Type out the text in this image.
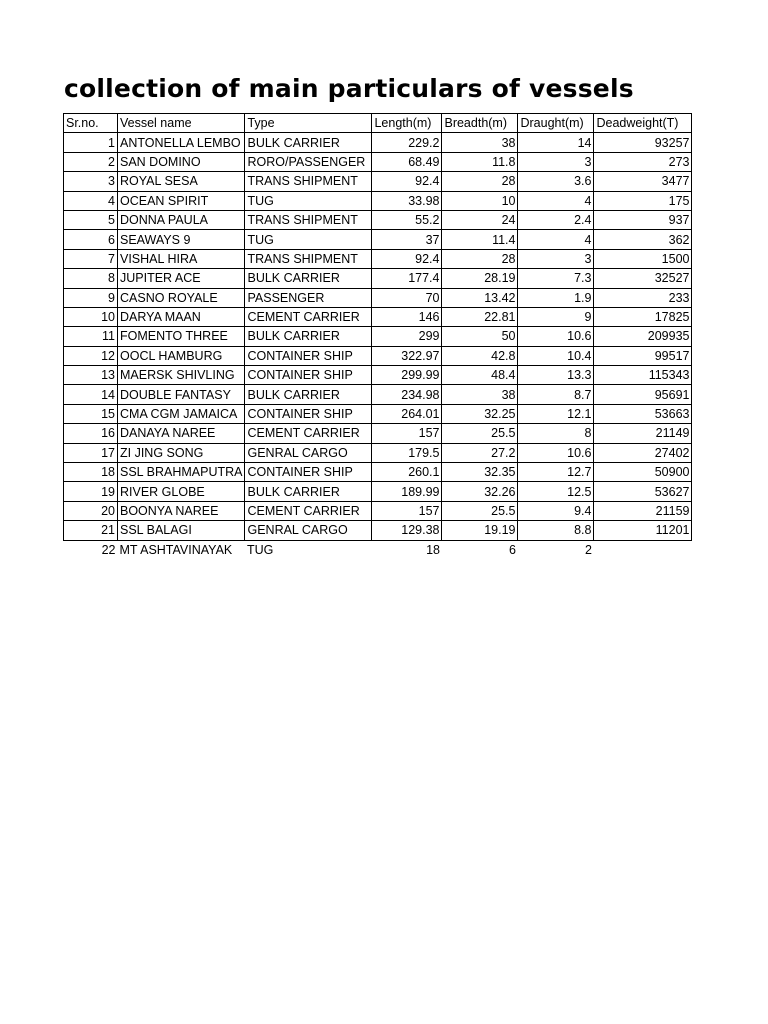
collection of main particulars of vessels
Sr.no.	Vessel name	Type	Length(m)	Breadth(m)	Draught(m)	Deadweight(T)
1	ANTONELLA LEMBO	BULK CARRIER	229.2	38	14	93257
2	SAN DOMINO	RORO/PASSENGER	68.49	11.8	3	273
3	ROYAL SESA	TRANS SHIPMENT	92.4	28	3.6	3477
4	OCEAN SPIRIT	TUG	33.98	10	4	175
5	DONNA PAULA	TRANS SHIPMENT	55.2	24	2.4	937
6	SEAWAYS 9	TUG	37	11.4	4	362
7	VISHAL HIRA	TRANS SHIPMENT	92.4	28	3	1500
8	JUPITER ACE	BULK CARRIER	177.4	28.19	7.3	32527
9	CASNO ROYALE	PASSENGER	70	13.42	1.9	233
10	DARYA MAAN	CEMENT CARRIER	146	22.81	9	17825
11	FOMENTO THREE	BULK CARRIER	299	50	10.6	209935
12	OOCL HAMBURG	CONTAINER SHIP	322.97	42.8	10.4	99517
13	MAERSK SHIVLING	CONTAINER SHIP	299.99	48.4	13.3	115343
14	DOUBLE FANTASY	BULK CARRIER	234.98	38	8.7	95691
15	CMA CGM JAMAICA	CONTAINER SHIP	264.01	32.25	12.1	53663
16	DANAYA NAREE	CEMENT CARRIER	157	25.5	8	21149
17	ZI JING SONG	GENRAL CARGO	179.5	27.2	10.6	27402
18	SSL BRAHMAPUTRA	CONTAINER SHIP	260.1	32.35	12.7	50900
19	RIVER GLOBE	BULK CARRIER	189.99	32.26	12.5	53627
20	BOONYA NAREE	CEMENT CARRIER	157	25.5	9.4	21159
21	SSL BALAGI	GENRAL CARGO	129.38	19.19	8.8	11201
22	MT ASHTAVINAYAK	TUG	18	6	2	
